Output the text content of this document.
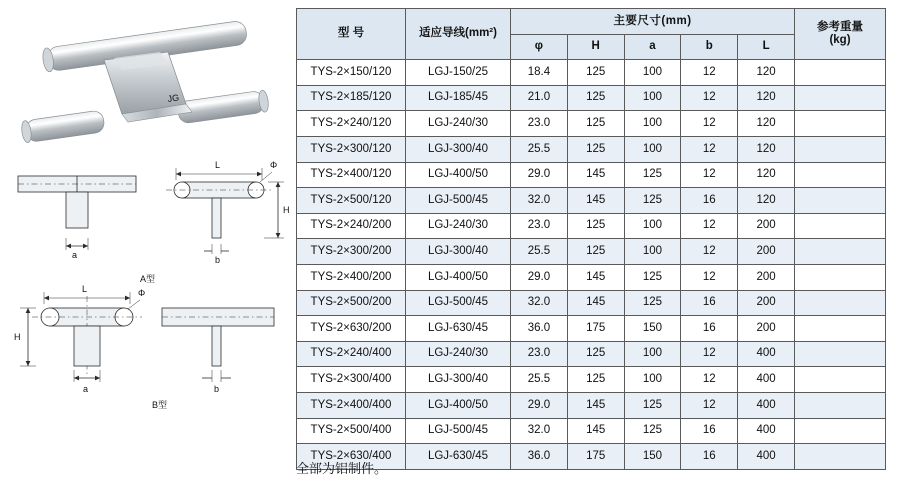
JG
a	b
L	Φ
H
L	Φ
H
a	b
A型
B型
型 号	适应导线(mm²)	主要尺寸(mm)					参考重量
(kg)

		φ	H	a	b	L	
TYS-2×150/120	LGJ-150/25	18.4	125	100	12	120	
TYS-2×185/120	LGJ-185/45	21.0	125	100	12	120	
TYS-2×240/120	LGJ-240/30	23.0	125	100	12	120	
TYS-2×300/120	LGJ-300/40	25.5	125	100	12	120	
TYS-2×400/120	LGJ-400/50	29.0	145	125	12	120	
TYS-2×500/120	LGJ-500/45	32.0	145	125	16	120	
TYS-2×240/200	LGJ-240/30	23.0	125	100	12	200	
TYS-2×300/200	LGJ-300/40	25.5	125	100	12	200	
TYS-2×400/200	LGJ-400/50	29.0	145	125	12	200	
TYS-2×500/200	LGJ-500/45	32.0	145	125	16	200	
TYS-2×630/200	LGJ-630/45	36.0	175	150	16	200	
TYS-2×240/400	LGJ-240/30	23.0	125	100	12	400	
TYS-2×300/400	LGJ-300/40	25.5	125	100	12	400	
TYS-2×400/400	LGJ-400/50	29.0	145	125	12	400	
TYS-2×500/400	LGJ-500/45	32.0	145	125	16	400	
TYS-2×630/400	LGJ-630/45	36.0	175	150	16	400	
全部为铝制件。
